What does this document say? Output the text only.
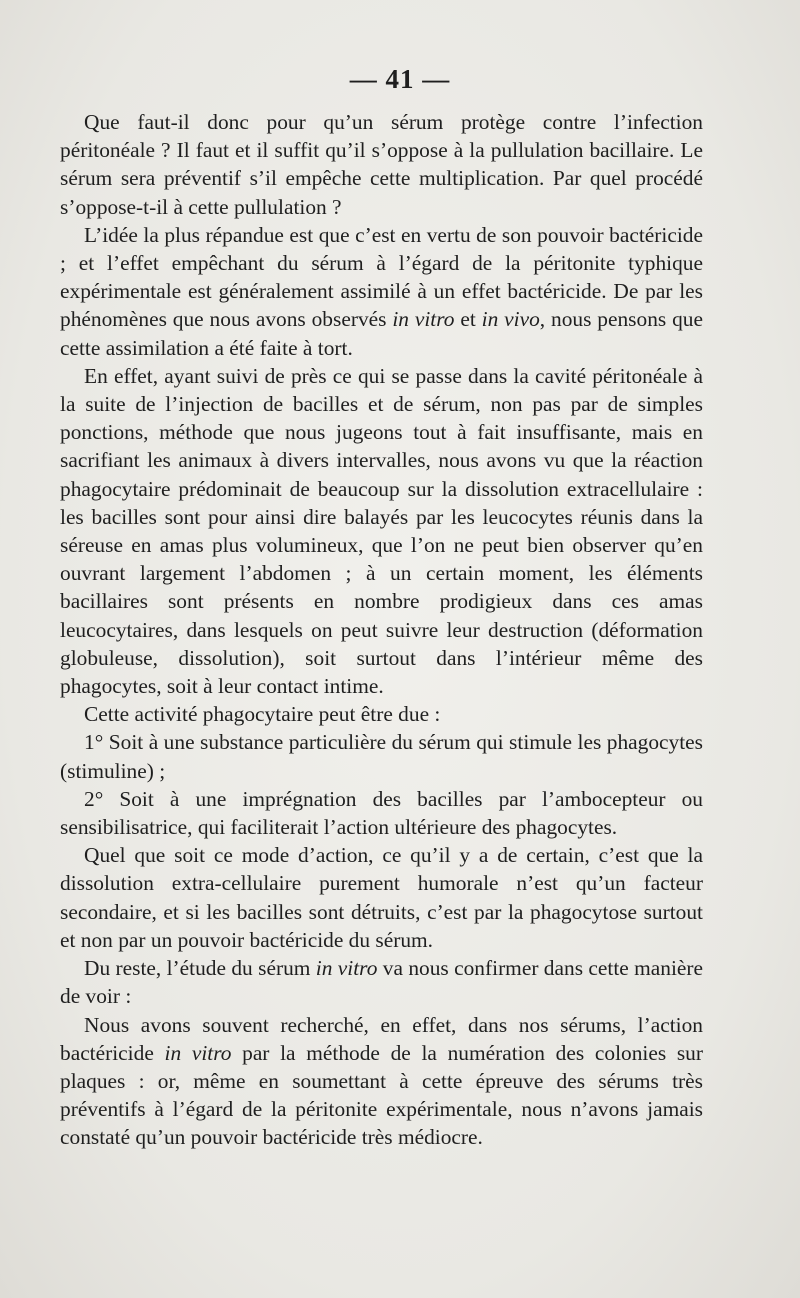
— 41 —

Que faut-il donc pour qu’un sérum protège contre l’infection péritonéale ? Il faut et il suffit qu’il s’oppose à la pullulation bacillaire. Le sérum sera préventif s’il empêche cette multiplication. Par quel procédé s’oppose-t-il à cette pullulation ?

L’idée la plus répandue est que c’est en vertu de son pouvoir bactéricide ; et l’effet empêchant du sérum à l’égard de la péritonite typhique expérimentale est généralement assimilé à un effet bactéricide. De par les phénomènes que nous avons observés in vitro et in vivo, nous pensons que cette assimilation a été faite à tort.

En effet, ayant suivi de près ce qui se passe dans la cavité péritonéale à la suite de l’injection de bacilles et de sérum, non pas par de simples ponctions, méthode que nous jugeons tout à fait insuffisante, mais en sacrifiant les animaux à divers intervalles, nous avons vu que la réaction phagocytaire prédominait de beaucoup sur la dissolution extracellulaire : les bacilles sont pour ainsi dire balayés par les leucocytes réunis dans la séreuse en amas plus volumineux, que l’on ne peut bien observer qu’en ouvrant largement l’abdomen ; à un certain moment, les éléments bacillaires sont présents en nombre prodigieux dans ces amas leucocytaires, dans lesquels on peut suivre leur destruction (déformation globuleuse, dissolution), soit surtout dans l’intérieur même des phagocytes, soit à leur contact intime.

Cette activité phagocytaire peut être due :

1° Soit à une substance particulière du sérum qui stimule les phagocytes (stimuline) ;

2° Soit à une imprégnation des bacilles par l’ambocepteur ou sensibilisatrice, qui faciliterait l’action ultérieure des phagocytes.

Quel que soit ce mode d’action, ce qu’il y a de certain, c’est que la dissolution extra-cellulaire purement humorale n’est qu’un facteur secondaire, et si les bacilles sont détruits, c’est par la phagocytose surtout et non par un pouvoir bactéricide du sérum.

Du reste, l’étude du sérum in vitro va nous confirmer dans cette manière de voir :

Nous avons souvent recherché, en effet, dans nos sérums, l’action bactéricide in vitro par la méthode de la numération des colonies sur plaques : or, même en soumettant à cette épreuve des sérums très préventifs à l’égard de la péritonite expérimentale, nous n’avons jamais constaté qu’un pouvoir bactéricide très médiocre.
